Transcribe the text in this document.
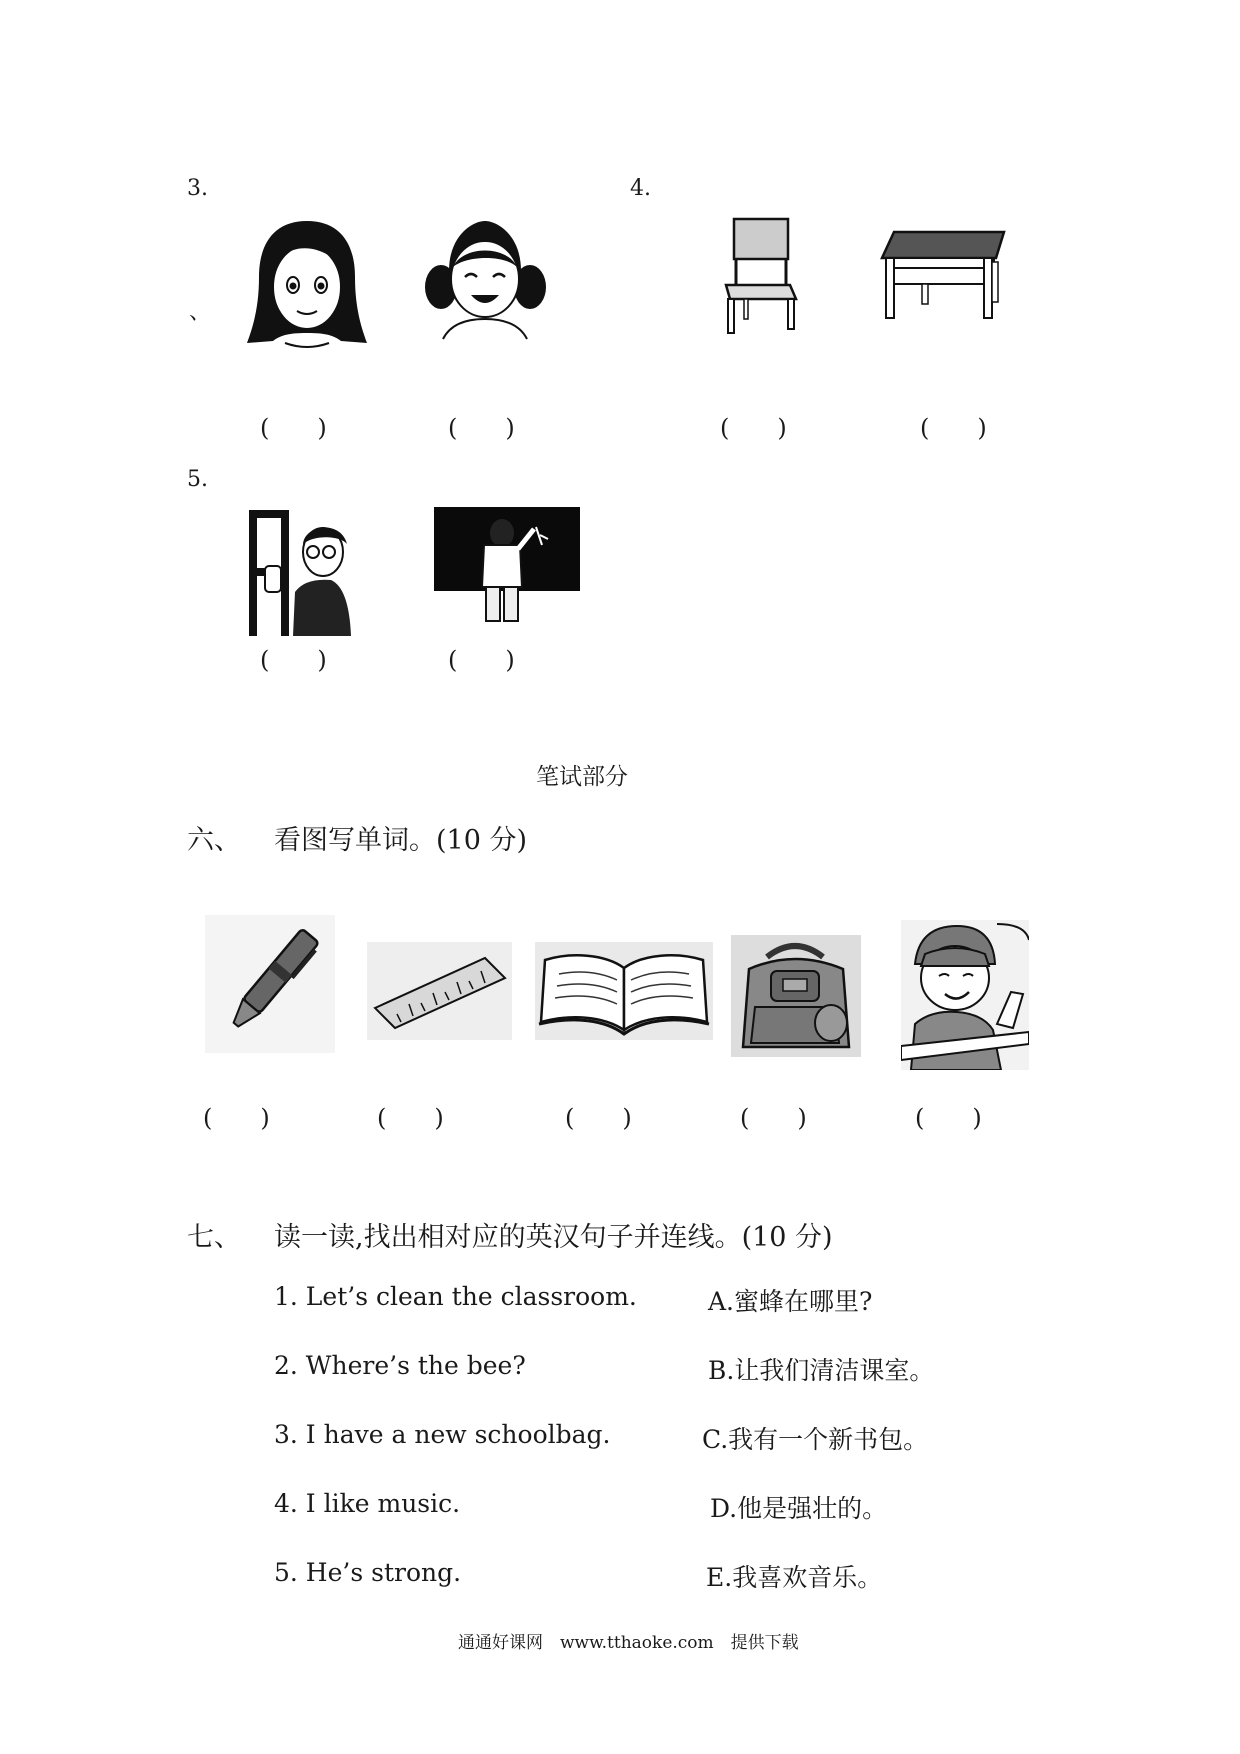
3.
、
(　　)	(　　)
4.
(　　)	(　　)
5.
(　　)	(　　)
笔试部分
六、 看图写单词。(10 分)
(　　)	(　　)	(　　)	(　　)	(　　)
七、 读一读,找出相对应的英汉句子并连线。(10 分)
1. Let’s clean the classroom.
2. Where’s the bee?
3. I have a new schoolbag.
4. I like music.
5. He’s strong.
A.蜜蜂在哪里?
B.让我们清洁课室。
C.我有一个新书包。
D.他是强壮的。
E.我喜欢音乐。
通通好课网　www.tthaoke.com　提供下载
